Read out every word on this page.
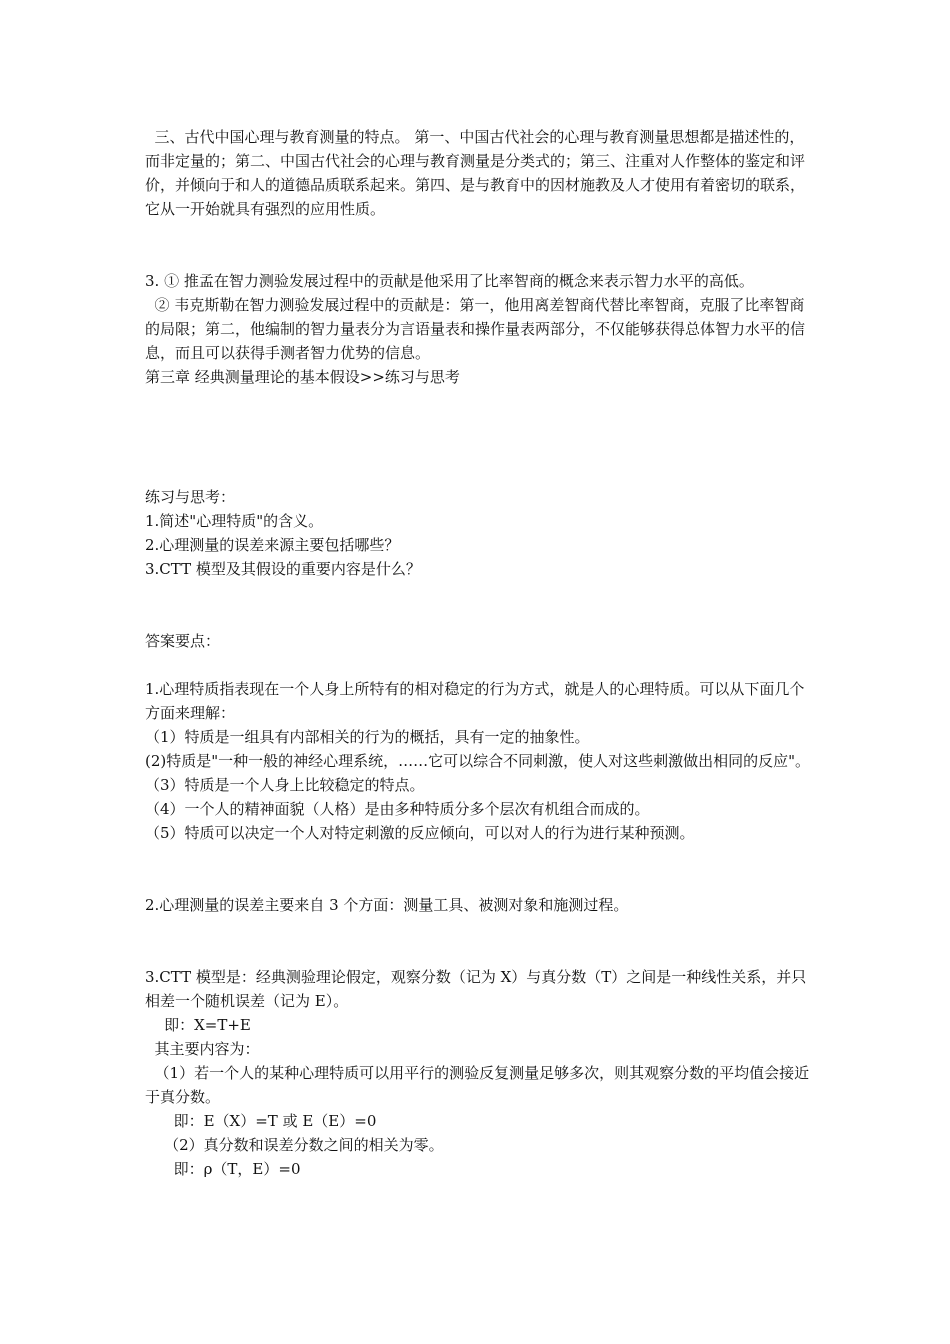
三、古代中国心理与教育测量的特点。 第一、中国古代社会的心理与教育测量思想都是描述性的，而非定量的；第二、中国古代社会的心理与教育测量是分类式的；第三、注重对人作整体的鉴定和评价，并倾向于和人的道德品质联系起来。第四、是与教育中的因材施教及人才使用有着密切的联系，它从一开始就具有强烈的应用性质。

3. ① 推孟在智力测验发展过程中的贡献是他采用了比率智商的概念来表示智力水平的高低。

② 韦克斯勒在智力测验发展过程中的贡献是：第一，他用离差智商代替比率智商，克服了比率智商的局限；第二，他编制的智力量表分为言语量表和操作量表两部分，不仅能够获得总体智力水平的信息，而且可以获得手测者智力优势的信息。

第三章 经典测量理论的基本假设>>练习与思考

练习与思考：

1.简述"心理特质"的含义。

2.心理测量的误差来源主要包括哪些？

3.CTT 模型及其假设的重要内容是什么？

答案要点：

1.心理特质指表现在一个人身上所特有的相对稳定的行为方式，就是人的心理特质。可以从下面几个方面来理解：

（1）特质是一组具有内部相关的行为的概括，具有一定的抽象性。

(2)特质是"一种一般的神经心理系统，……它可以综合不同刺激，使人对这些刺激做出相同的反应"。

（3）特质是一个人身上比较稳定的特点。

（4）一个人的精神面貌（人格）是由多种特质分多个层次有机组合而成的。

（5）特质可以决定一个人对特定刺激的反应倾向，可以对人的行为进行某种预测。

2.心理测量的误差主要来自 3 个方面：测量工具、被测对象和施测过程。

3.CTT 模型是：经典测验理论假定，观察分数（记为 X）与真分数（T）之间是一种线性关系，并只相差一个随机误差（记为 E）。

即：X=T+E

其主要内容为：

（1）若一个人的某种心理特质可以用平行的测验反复测量足够多次，则其观察分数的平均值会接近于真分数。

即：E（X）=T 或 E（E）=0

（2）真分数和误差分数之间的相关为零。

即：ρ（T，E）=0
